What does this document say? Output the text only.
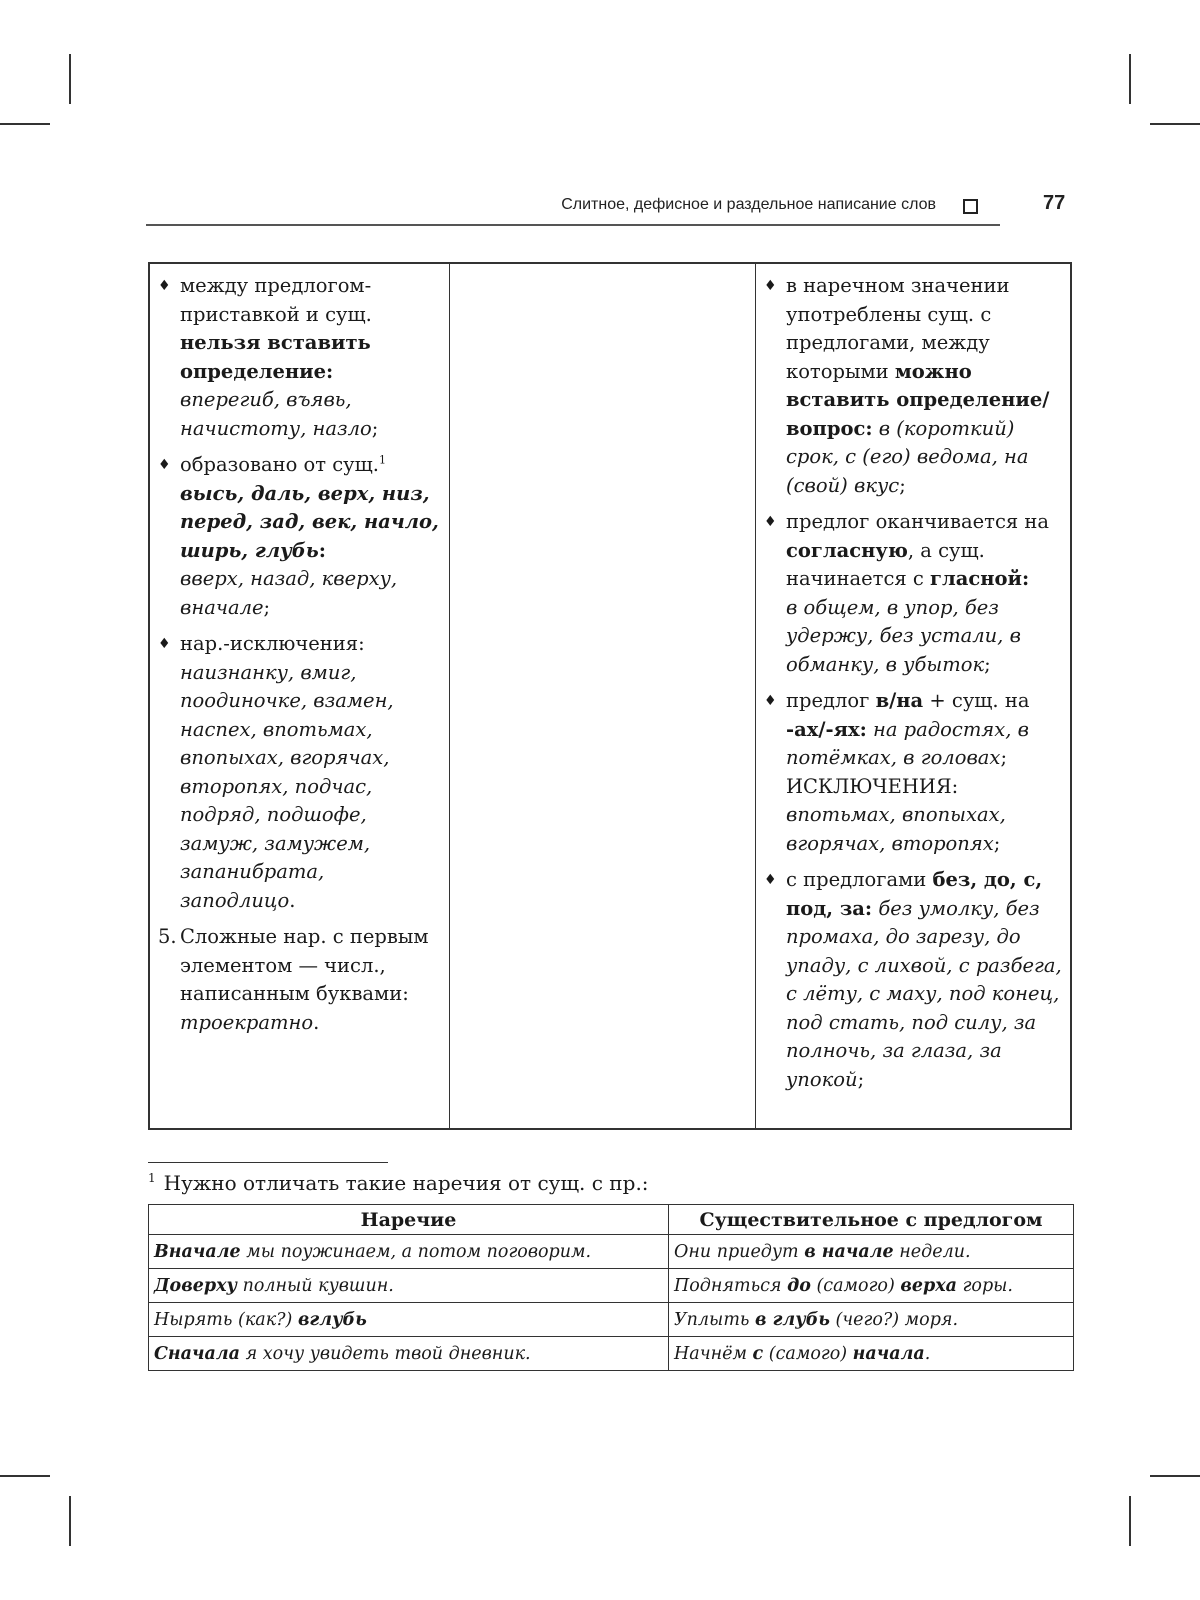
Слитное, дефисное и раздельное написание слов	77
♦ между предлогом-приставкой и сущ. нельзя вставить определение:
вперегиб, въявь, начистоту, назло;
♦ образовано от сущ.$^1$
высь, даль, верх, низ, перед, зад, век, начло, ширь, глубь:
вверх, назад, кверху, вначале;
♦ нар.-исключения:
наизнанку, вмиг, поодиночке, взамен, наспех, впотьмах, впопыхах, вгорячах, второпях, подчас, подряд, подшофе, замуж, замужем, запанибрата, заподлицо.
5. Сложные нар. с первым элементом — числ., написанным буквами:
троекратно.
♦ в наречном значении употреблены сущ. с предлогами, между которыми можно вставить определение/вопрос: в (короткий) срок, с (его) ведома, на (свой) вкус;
♦ предлог оканчивается на согласную, а сущ. начинается с гласной:
в общем, в упор, без удержу, без устали, в обманку, в убыток;
♦ предлог в/на + сущ. на -ах/-ях: на радостях, в потёмках, в головах;
ИСКЛЮЧЕНИЯ:
впотьмах, впопыхах, вгорячах, второпях;
♦ с предлогами без, до, с, под, за: без умолку, без промаха, до зарезу, до упаду, с лихвой, с разбега, с лёту, с маху, под конец, под стать, под силу, за полночь, за глаза, за упокой;
$^1$ Нужно отличать такие наречия от сущ. с пр.:
Наречие	Существительное с предлогом
Вначале мы поужинаем, а потом поговорим.	Они приедут в начале недели.
Доверху полный кувшин.	Подняться до (самого) верха горы.
Нырять (как?) вглубь	Уплыть в глубь (чего?) моря.
Сначала я хочу увидеть твой дневник.	Начнём с (самого) начала.
